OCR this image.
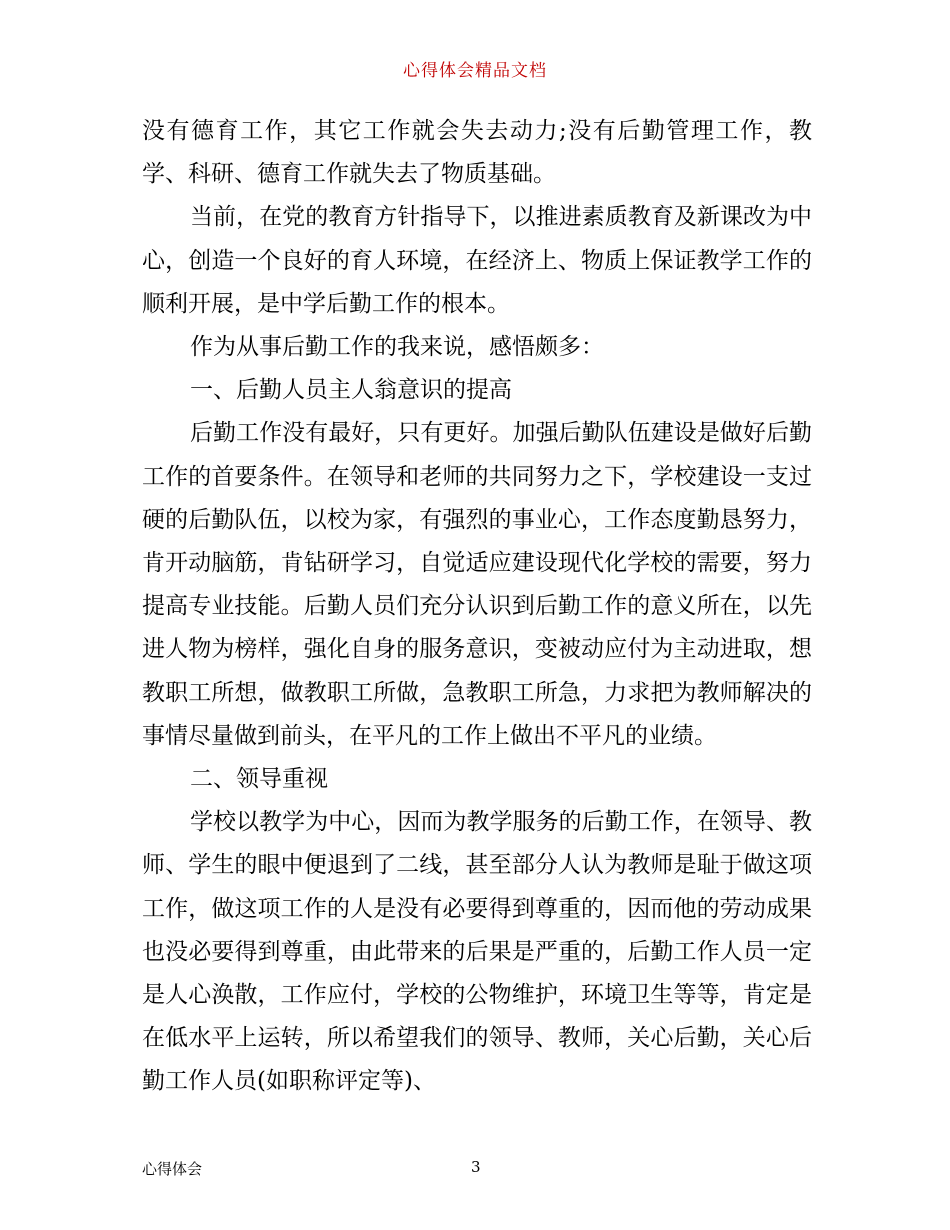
心得体会精品文档

没有德育工作，其它工作就会失去动力;没有后勤管理工作，教学、科研、德育工作就失去了物质基础。

当前，在党的教育方针指导下，以推进素质教育及新课改为中心，创造一个良好的育人环境，在经济上、物质上保证教学工作的顺利开展，是中学后勤工作的根本。

作为从事后勤工作的我来说，感悟颇多：

一、后勤人员主人翁意识的提高

后勤工作没有最好，只有更好。加强后勤队伍建设是做好后勤工作的首要条件。在领导和老师的共同努力之下，学校建设一支过硬的后勤队伍，以校为家，有强烈的事业心，工作态度勤恳努力，肯开动脑筋，肯钻研学习，自觉适应建设现代化学校的需要，努力提高专业技能。后勤人员们充分认识到后勤工作的意义所在，以先进人物为榜样，强化自身的服务意识，变被动应付为主动进取，想教职工所想，做教职工所做，急教职工所急，力求把为教师解决的事情尽量做到前头，在平凡的工作上做出不平凡的业绩。

二、领导重视

学校以教学为中心，因而为教学服务的后勤工作，在领导、教师、学生的眼中便退到了二线，甚至部分人认为教师是耻于做这项工作，做这项工作的人是没有必要得到尊重的，因而他的劳动成果也没必要得到尊重，由此带来的后果是严重的，后勤工作人员一定是人心涣散，工作应付，学校的公物维护，环境卫生等等，肯定是在低水平上运转，所以希望我们的领导、教师，关心后勤，关心后勤工作人员(如职称评定等)、

心得体会	3
